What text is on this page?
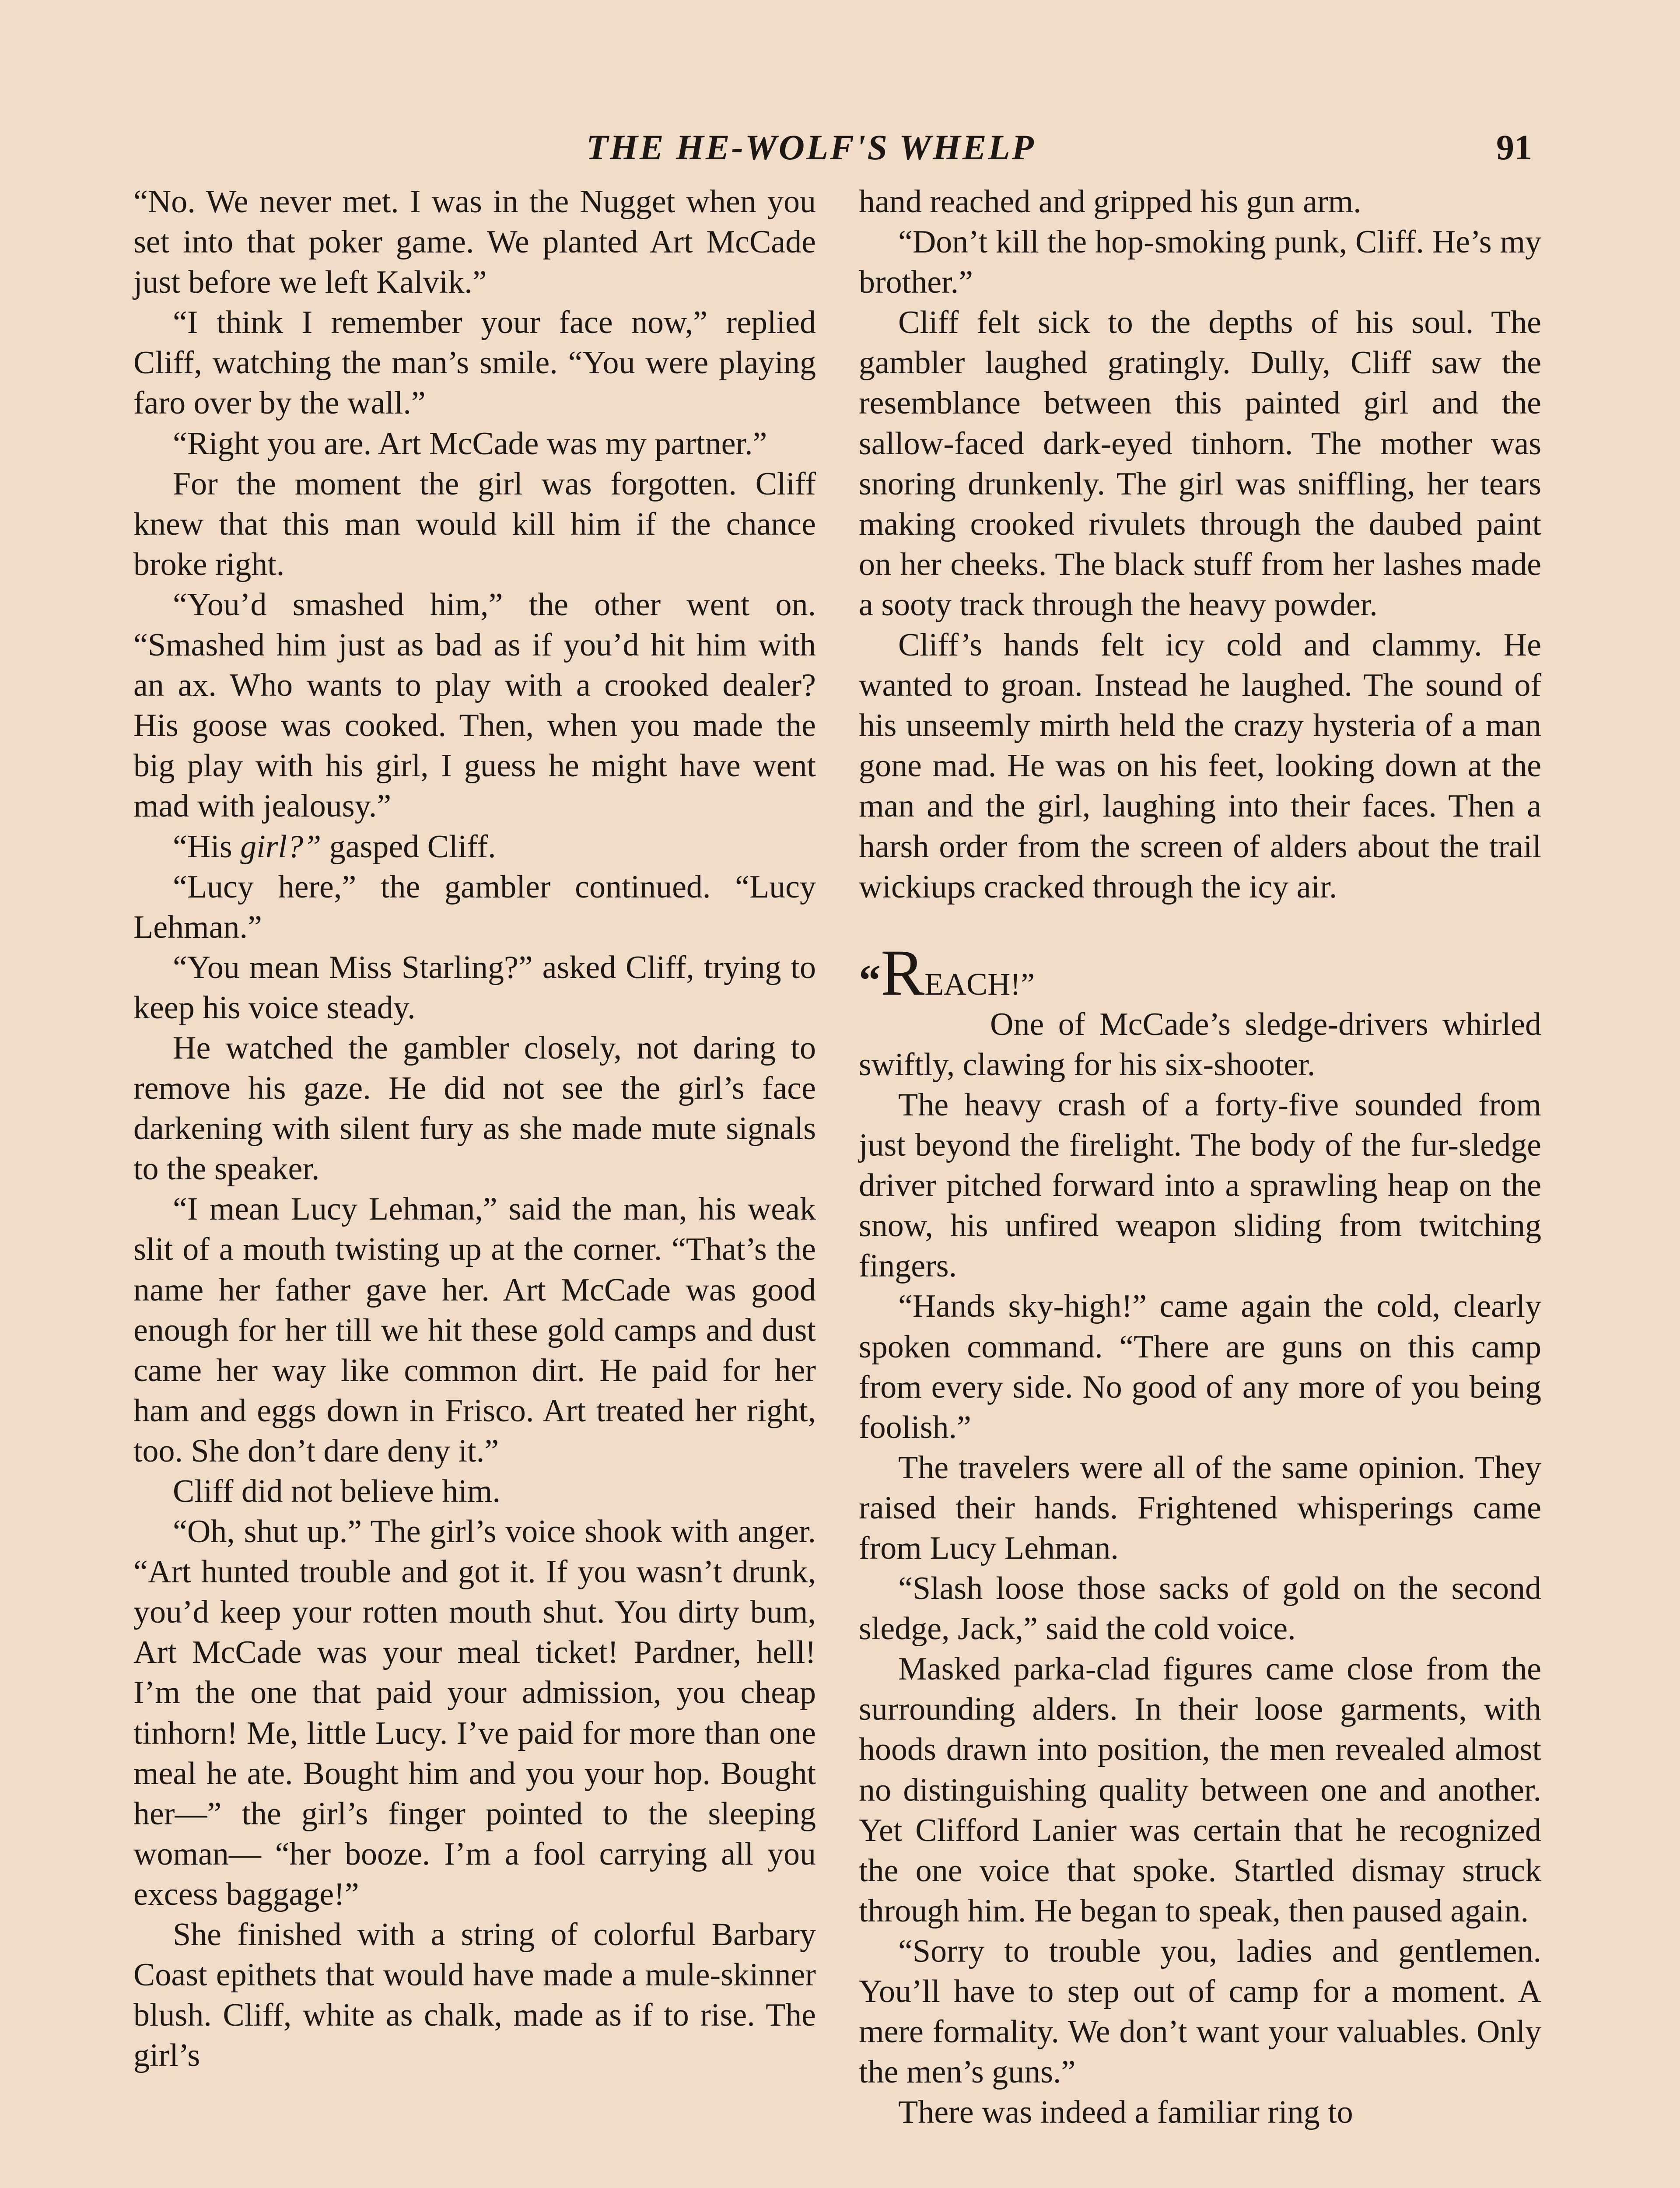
THE HE-WOLF'S WHELP	91

“No. We never met. I was in the Nugget when you set into that poker game. We planted Art McCade just before we left Kalvik.”

“I think I remember your face now,” replied Cliff, watching the man’s smile. “You were playing faro over by the wall.”

“Right you are. Art McCade was my partner.”

For the moment the girl was forgotten. Cliff knew that this man would kill him if the chance broke right.

“You’d smashed him,” the other went on. “Smashed him just as bad as if you’d hit him with an ax. Who wants to play with a crooked dealer? His goose was cooked. Then, when you made the big play with his girl, I guess he might have went mad with jealousy.”

“His girl?” gasped Cliff.

“Lucy here,” the gambler continued. “Lucy Lehman.”

“You mean Miss Starling?” asked Cliff, trying to keep his voice steady.

He watched the gambler closely, not daring to remove his gaze. He did not see the girl’s face darkening with silent fury as she made mute signals to the speaker.

“I mean Lucy Lehman,” said the man, his weak slit of a mouth twisting up at the corner. “That’s the name her father gave her. Art McCade was good enough for her till we hit these gold camps and dust came her way like common dirt. He paid for her ham and eggs down in Frisco. Art treated her right, too. She don’t dare deny it.”

Cliff did not believe him.

“Oh, shut up.” The girl’s voice shook with anger. “Art hunted trouble and got it. If you wasn’t drunk, you’d keep your rotten mouth shut. You dirty bum, Art McCade was your meal ticket! Pardner, hell! I’m the one that paid your admission, you cheap tinhorn! Me, little Lucy. I’ve paid for more than one meal he ate. Bought him and you your hop. Bought her—” the girl’s finger pointed to the sleeping woman— “her booze. I’m a fool carrying all you excess baggage!”

She finished with a string of colorful Barbary Coast epithets that would have made a mule-skinner blush. Cliff, white as chalk, made as if to rise. The girl’s

hand reached and gripped his gun arm.

“Don’t kill the hop-smoking punk, Cliff. He’s my brother.”

Cliff felt sick to the depths of his soul. The gambler laughed gratingly. Dully, Cliff saw the resemblance between this painted girl and the sallow-faced dark-eyed tinhorn. The mother was snoring drunkenly. The girl was sniffling, her tears making crooked rivulets through the daubed paint on her cheeks. The black stuff from her lashes made a sooty track through the heavy powder.

Cliff’s hands felt icy cold and clammy. He wanted to groan. Instead he laughed. The sound of his unseemly mirth held the crazy hysteria of a man gone mad. He was on his feet, looking down at the man and the girl, laughing into their faces. Then a harsh order from the screen of alders about the trail wickiups cracked through the icy air.

“REACH!”
One of McCade’s sledge-drivers whirled swiftly, clawing for his six-shooter.

The heavy crash of a forty-five sounded from just beyond the firelight. The body of the fur-sledge driver pitched forward into a sprawling heap on the snow, his unfired weapon sliding from twitching fingers.

“Hands sky-high!” came again the cold, clearly spoken command. “There are guns on this camp from every side. No good of any more of you being foolish.”

The travelers were all of the same opinion. They raised their hands. Frightened whisperings came from Lucy Lehman.

“Slash loose those sacks of gold on the second sledge, Jack,” said the cold voice.

Masked parka-clad figures came close from the surrounding alders. In their loose garments, with hoods drawn into position, the men revealed almost no distinguishing quality between one and another. Yet Clifford Lanier was certain that he recognized the one voice that spoke. Startled dismay struck through him. He began to speak, then paused again.

“Sorry to trouble you, ladies and gentlemen. You’ll have to step out of camp for a moment. A mere formality. We don’t want your valuables. Only the men’s guns.”

There was indeed a familiar ring to
